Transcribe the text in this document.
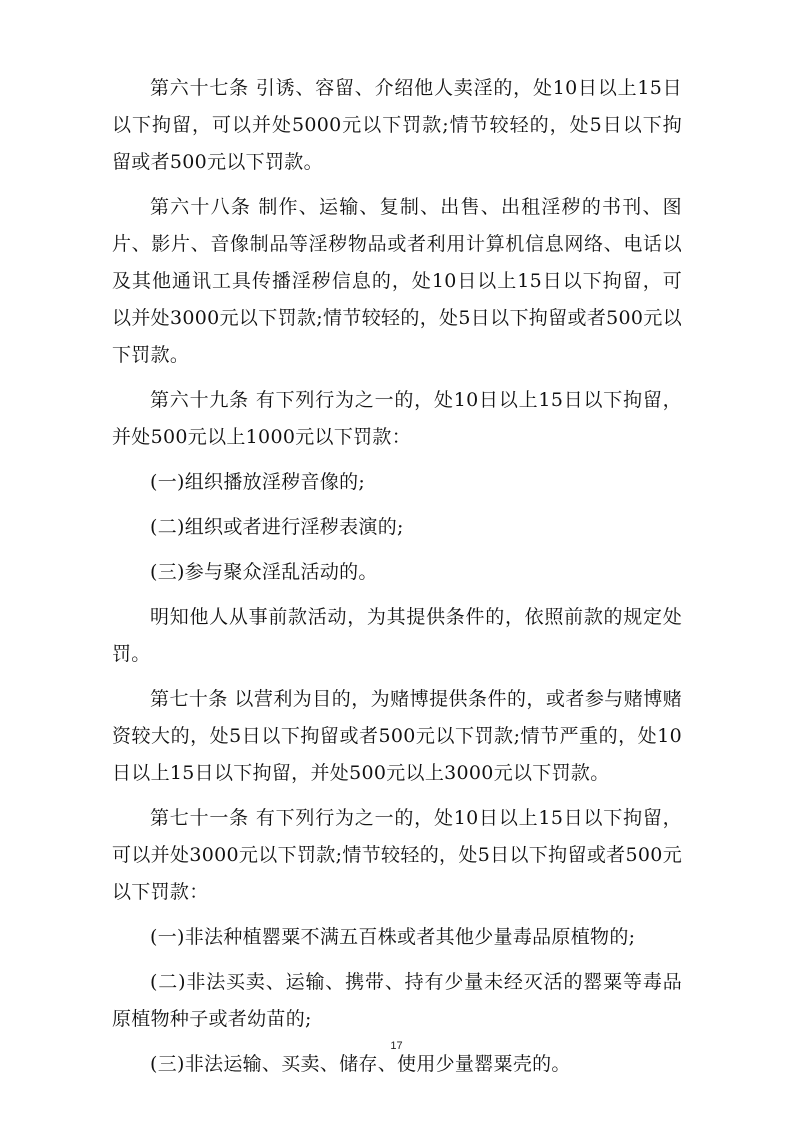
第六十七条 引诱、容留、介绍他人卖淫的，处10日以上15日以下拘留，可以并处5000元以下罚款;情节较轻的，处5日以下拘留或者500元以下罚款。

第六十八条 制作、运输、复制、出售、出租淫秽的书刊、图片、影片、音像制品等淫秽物品或者利用计算机信息网络、电话以及其他通讯工具传播淫秽信息的，处10日以上15日以下拘留，可以并处3000元以下罚款;情节较轻的，处5日以下拘留或者500元以下罚款。

第六十九条 有下列行为之一的，处10日以上15日以下拘留，并处500元以上1000元以下罚款：

(一)组织播放淫秽音像的;

(二)组织或者进行淫秽表演的;

(三)参与聚众淫乱活动的。

明知他人从事前款活动，为其提供条件的，依照前款的规定处罚。

第七十条 以营利为目的，为赌博提供条件的，或者参与赌博赌资较大的，处5日以下拘留或者500元以下罚款;情节严重的，处10日以上15日以下拘留，并处500元以上3000元以下罚款。

第七十一条 有下列行为之一的，处10日以上15日以下拘留，可以并处3000元以下罚款;情节较轻的，处5日以下拘留或者500元以下罚款：

(一)非法种植罂粟不满五百株或者其他少量毒品原植物的;

(二)非法买卖、运输、携带、持有少量未经灭活的罂粟等毒品原植物种子或者幼苗的;

(三)非法运输、买卖、储存、使用少量罂粟壳的。

17
